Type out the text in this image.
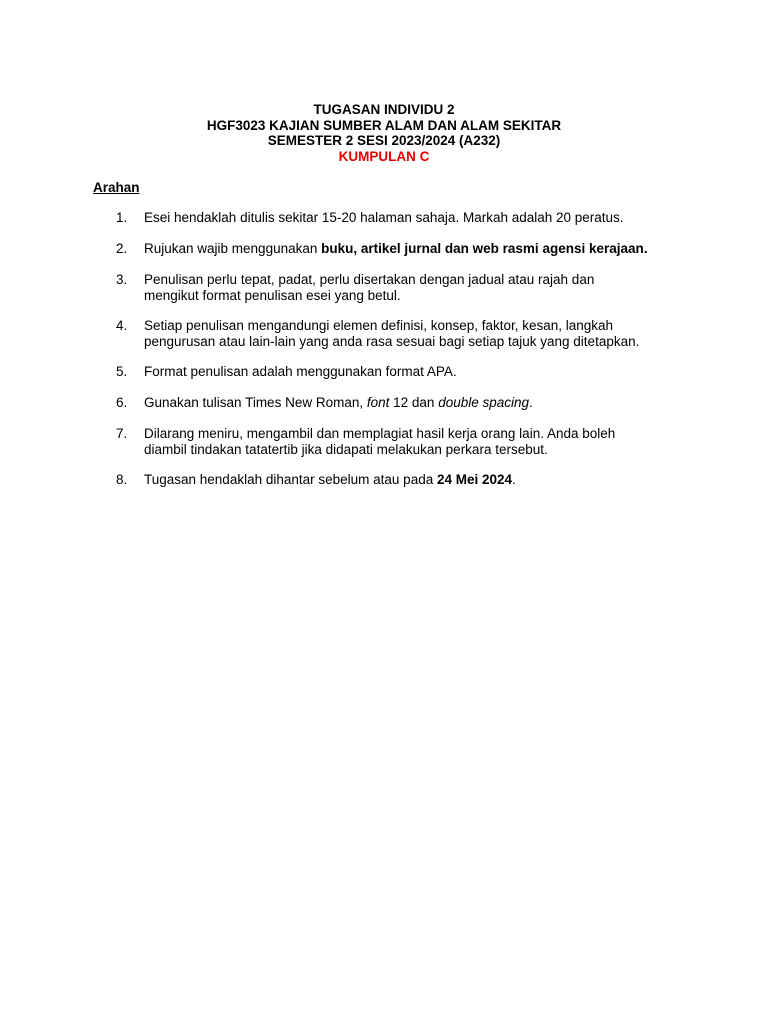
TUGASAN INDIVIDU 2
HGF3023 KAJIAN SUMBER ALAM DAN ALAM SEKITAR
SEMESTER 2 SESI 2023/2024 (A232)
KUMPULAN C
Arahan
1.	Esei hendaklah ditulis sekitar 15-20 halaman sahaja. Markah adalah 20 peratus.
2.	Rujukan wajib menggunakan buku, artikel jurnal dan web rasmi agensi kerajaan.
3.	Penulisan perlu tepat, padat, perlu disertakan dengan jadual atau rajah dan mengikut format penulisan esei yang betul.
4.	Setiap penulisan mengandungi elemen definisi, konsep, faktor, kesan, langkah pengurusan atau lain-lain yang anda rasa sesuai bagi setiap tajuk yang ditetapkan.
5.	Format penulisan adalah menggunakan format APA.
6.	Gunakan tulisan Times New Roman, font 12 dan double spacing.
7.	Dilarang meniru, mengambil dan memplagiat hasil kerja orang lain. Anda boleh diambil tindakan tatatertib jika didapati melakukan perkara tersebut.
8.	Tugasan hendaklah dihantar sebelum atau pada 24 Mei 2024.
